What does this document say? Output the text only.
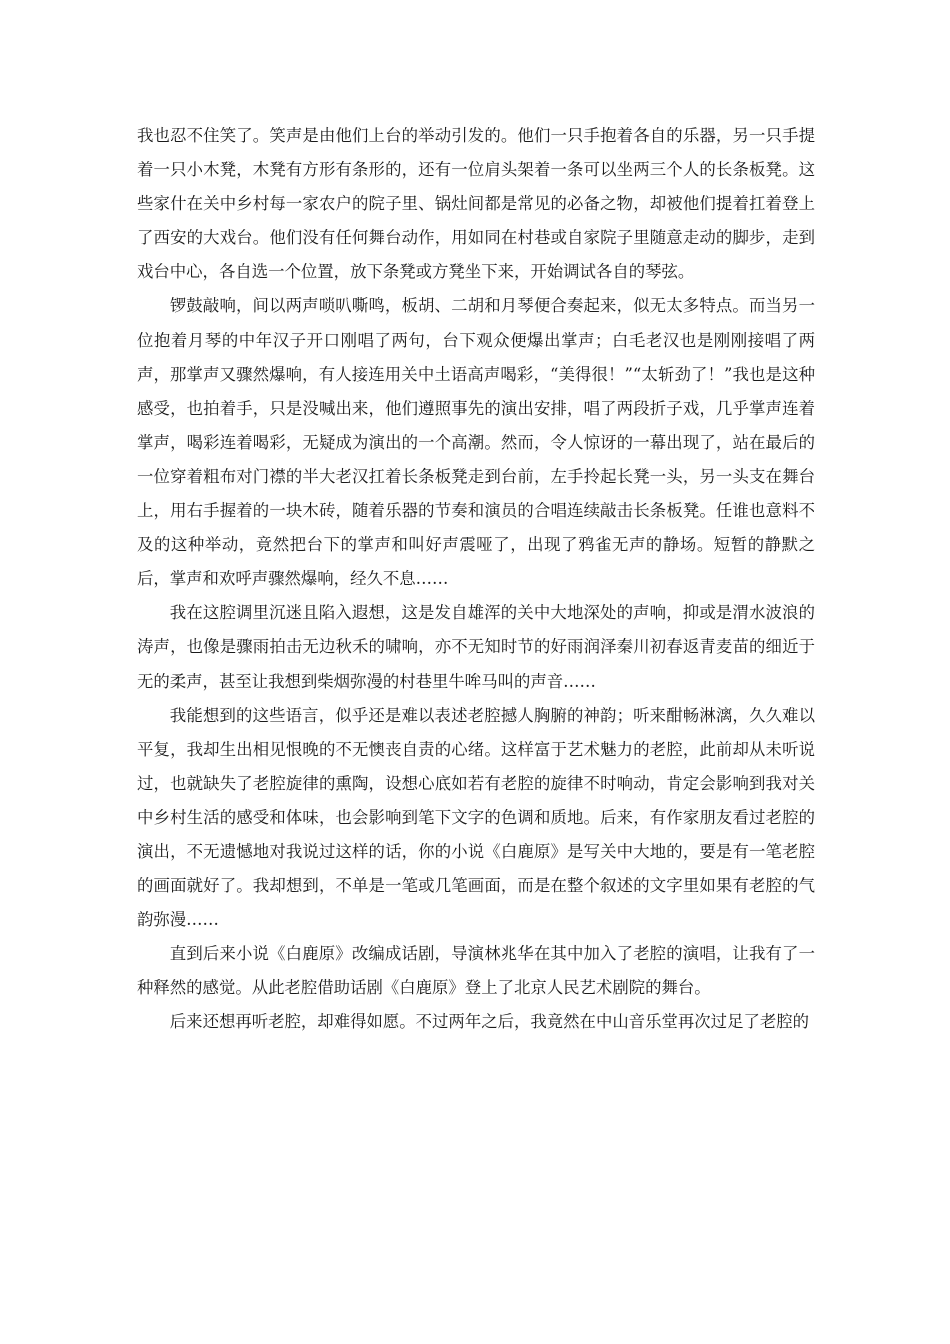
我也忍不住笑了。笑声是由他们上台的举动引发的。他们一只手抱着各自的乐器，另一只手提着一只小木凳，木凳有方形有条形的，还有一位肩头架着一条可以坐两三个人的长条板凳。这些家什在关中乡村每一家农户的院子里、锅灶间都是常见的必备之物，却被他们提着扛着登上了西安的大戏台。他们没有任何舞台动作，用如同在村巷或自家院子里随意走动的脚步，走到戏台中心，各自选一个位置，放下条凳或方凳坐下来，开始调试各自的琴弦。

锣鼓敲响，间以两声唢叭嘶鸣，板胡、二胡和月琴便合奏起来，似无太多特点。而当另一位抱着月琴的中年汉子开口刚唱了两句，台下观众便爆出掌声；白毛老汉也是刚刚接唱了两声，那掌声又骤然爆响，有人接连用关中土语高声喝彩，“美得很！”“太斩劲了！”我也是这种感受，也拍着手，只是没喊出来，他们遵照事先的演出安排，唱了两段折子戏，几乎掌声连着掌声，喝彩连着喝彩，无疑成为演出的一个高潮。然而，令人惊讶的一幕出现了，站在最后的一位穿着粗布对门襟的半大老汉扛着长条板凳走到台前，左手拎起长凳一头，另一头支在舞台上，用右手握着的一块木砖，随着乐器的节奏和演员的合唱连续敲击长条板凳。任谁也意料不及的这种举动，竟然把台下的掌声和叫好声震哑了，出现了鸦雀无声的静场。短暂的静默之后，掌声和欢呼声骤然爆响，经久不息……

我在这腔调里沉迷且陷入遐想，这是发自雄浑的关中大地深处的声响，抑或是渭水波浪的涛声，也像是骤雨拍击无边秋禾的啸响，亦不无知时节的好雨润泽秦川初春返青麦苗的细近于无的柔声，甚至让我想到柴烟弥漫的村巷里牛哞马叫的声音……

我能想到的这些语言，似乎还是难以表述老腔撼人胸腑的神韵；听来酣畅淋漓，久久难以平复，我却生出相见恨晚的不无懊丧自责的心绪。这样富于艺术魅力的老腔，此前却从未听说过，也就缺失了老腔旋律的熏陶，设想心底如若有老腔的旋律不时响动，肯定会影响到我对关中乡村生活的感受和体味，也会影响到笔下文字的色调和质地。后来，有作家朋友看过老腔的演出，不无遗憾地对我说过这样的话，你的小说《白鹿原》是写关中大地的，要是有一笔老腔的画面就好了。我却想到，不单是一笔或几笔画面，而是在整个叙述的文字里如果有老腔的气韵弥漫……

直到后来小说《白鹿原》改编成话剧，导演林兆华在其中加入了老腔的演唱，让我有了一种释然的感觉。从此老腔借助话剧《白鹿原》登上了北京人民艺术剧院的舞台。

后来还想再听老腔，却难得如愿。不过两年之后，我竟然在中山音乐堂再次过足了老腔的
